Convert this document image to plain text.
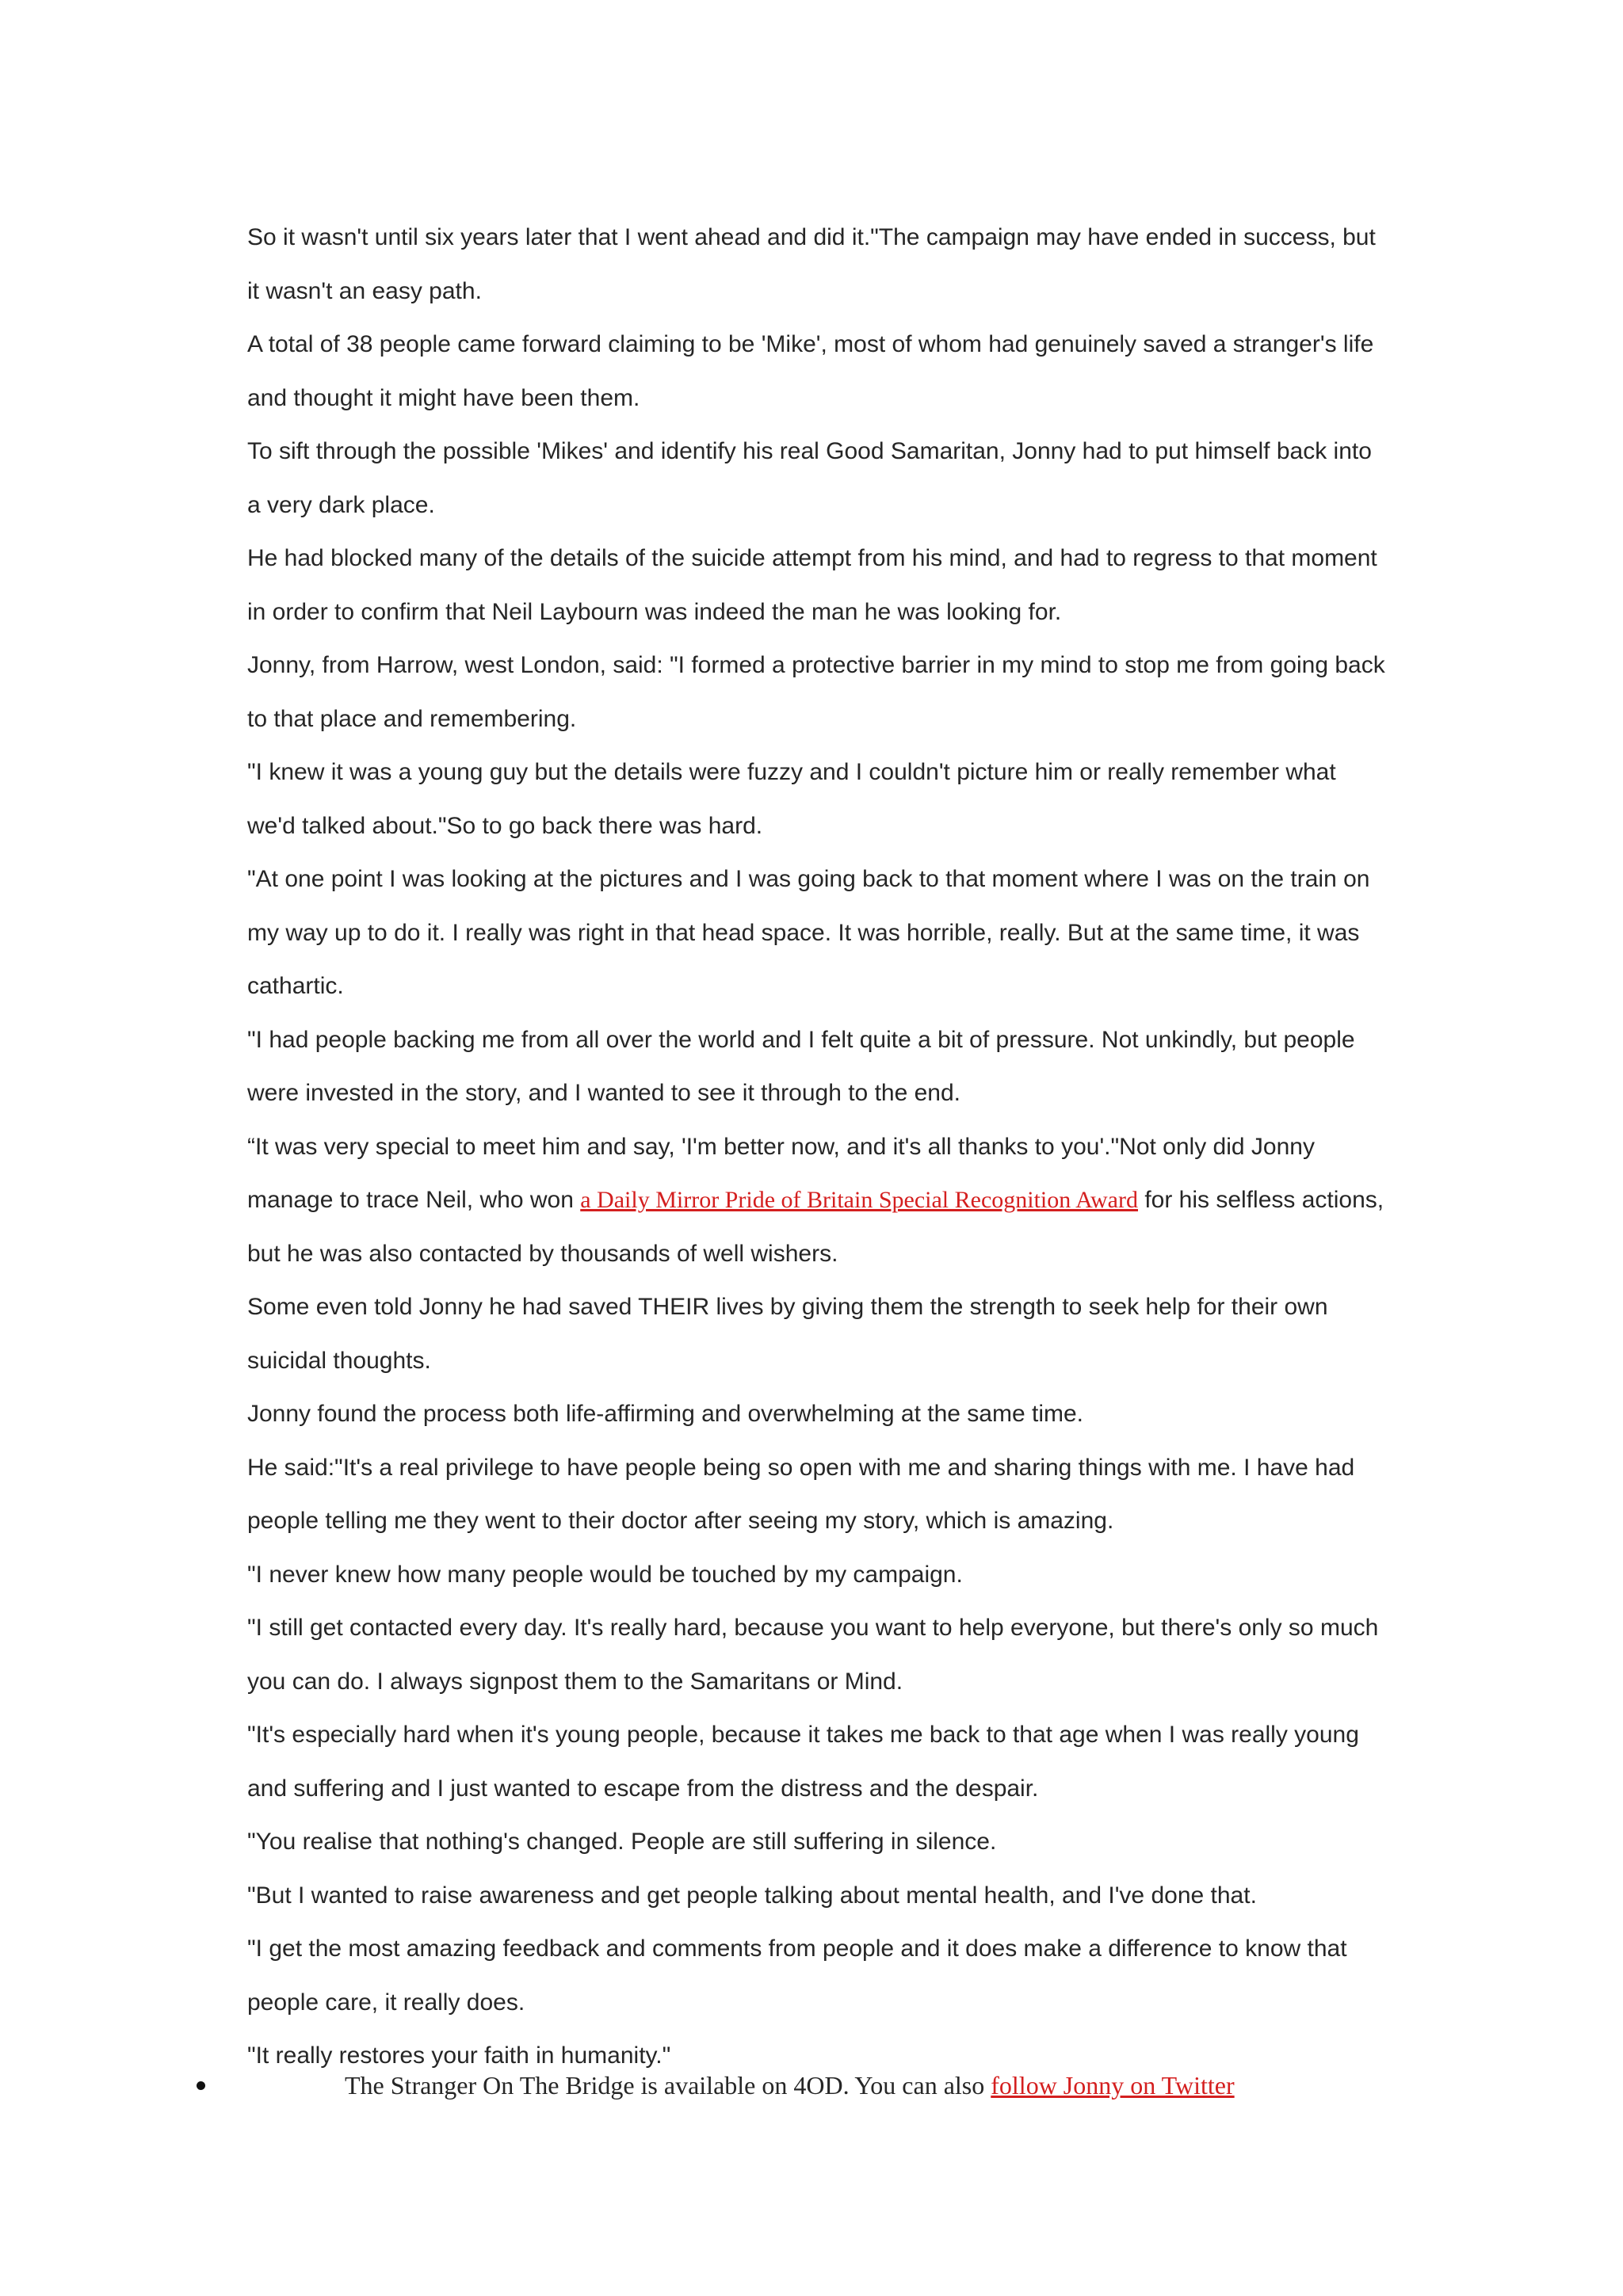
So it wasn't until six years later that I went ahead and did it."The campaign may have ended in success, but it wasn't an easy path.

A total of 38 people came forward claiming to be 'Mike', most of whom had genuinely saved a stranger's life and thought it might have been them.

To sift through the possible 'Mikes' and identify his real Good Samaritan, Jonny had to put himself back into a very dark place.

He had blocked many of the details of the suicide attempt from his mind, and had to regress to that moment in order to confirm that Neil Laybourn was indeed the man he was looking for.

Jonny, from Harrow, west London, said: "I formed a protective barrier in my mind to stop me from going back to that place and remembering.

"I knew it was a young guy but the details were fuzzy and I couldn't picture him or really remember what we'd talked about."So to go back there was hard.

"At one point I was looking at the pictures and I was going back to that moment where I was on the train on my way up to do it. I really was right in that head space. It was horrible, really. But at the same time, it was cathartic.

"I had people backing me from all over the world and I felt quite a bit of pressure. Not unkindly, but people were invested in the story, and I wanted to see it through to the end.

“It was very special to meet him and say, 'I'm better now, and it's all thanks to you'."Not only did Jonny manage to trace Neil, who won a Daily Mirror Pride of Britain Special Recognition Award for his selfless actions, but he was also contacted by thousands of well wishers.

Some even told Jonny he had saved THEIR lives by giving them the strength to seek help for their own suicidal thoughts.

Jonny found the process both life-affirming and overwhelming at the same time.

He said:"It's a real privilege to have people being so open with me and sharing things with me. I have had people telling me they went to their doctor after seeing my story, which is amazing.

"I never knew how many people would be touched by my campaign.

"I still get contacted every day. It's really hard, because you want to help everyone, but there's only so much you can do. I always signpost them to the Samaritans or Mind.

"It's especially hard when it's young people, because it takes me back to that age when I was really young and suffering and I just wanted to escape from the distress and the despair.

"You realise that nothing's changed. People are still suffering in silence.

"But I wanted to raise awareness and get people talking about mental health, and I've done that.

"I get the most amazing feedback and comments from people and it does make a difference to know that people care, it really does.

"It really restores your faith in humanity."

The Stranger On The Bridge is available on 4OD. You can also follow Jonny on Twitter
